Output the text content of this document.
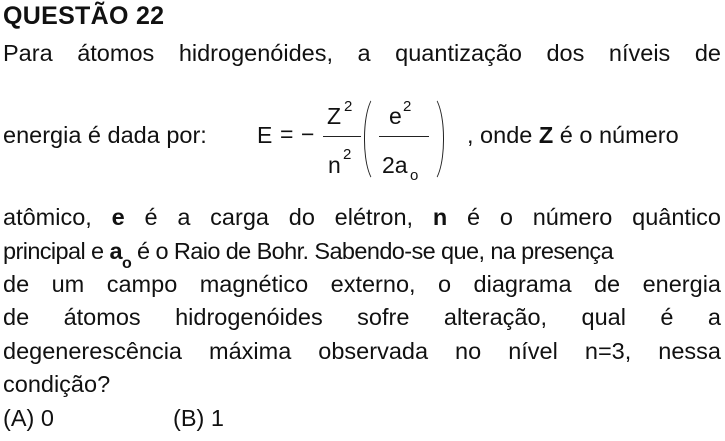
QUESTÃO 22
Para átomos hidrogenóides, a quantização dos níveis de
energia é dada por: E = −
Z 2
n 2
e 2
2a o
, onde Z é o número
atômico, e é a carga do elétron, n é o número quântico
principal e $a_o$ é o Raio de Bohr. Sabendo-se que, na presença
de um campo magnético externo, o diagrama de energia
de átomos hidrogenóides sofre alteração, qual é a
degenerescência máxima observada no nível n=3, nessa
condição?
(A) 0	(B) 1
